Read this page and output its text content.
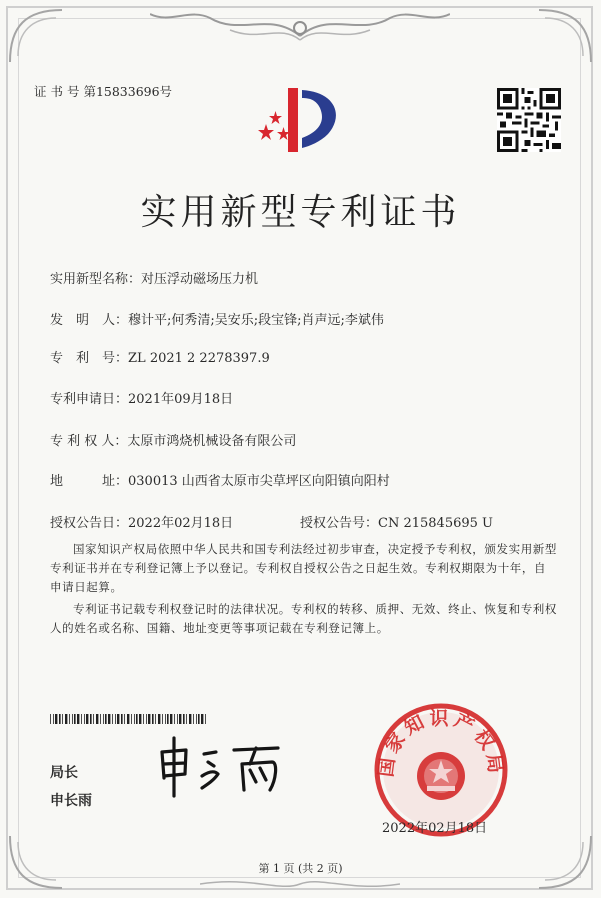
证 书 号 第15833696号
实用新型专利证书
实用新型名称：对压浮动磁场压力机
发　明　人：穆计平;何秀清;吴安乐;段宝锋;肖声远;李斌伟
专　利　号：ZL 2021 2 2278397.9
专利申请日：2021年09月18日
专 利 权 人：太原市鸿烧机械设备有限公司
地　　　址：030013 山西省太原市尖草坪区向阳镇向阳村
授权公告日：2022年02月18日	授权公告号：CN 215845695 U
国家知识产权局依照中华人民共和国专利法经过初步审查，决定授予专利权，颁发实用新型专利证书并在专利登记簿上予以登记。专利权自授权公告之日起生效。专利权期限为十年，自申请日起算。
专利证书记载专利权登记时的法律状况。专利权的转移、质押、无效、终止、恢复和专利权人的姓名或名称、国籍、地址变更等事项记载在专利登记簿上。
局长
申长雨
国家知识产权局
2022年02月18日
第 1 页 (共 2 页)
